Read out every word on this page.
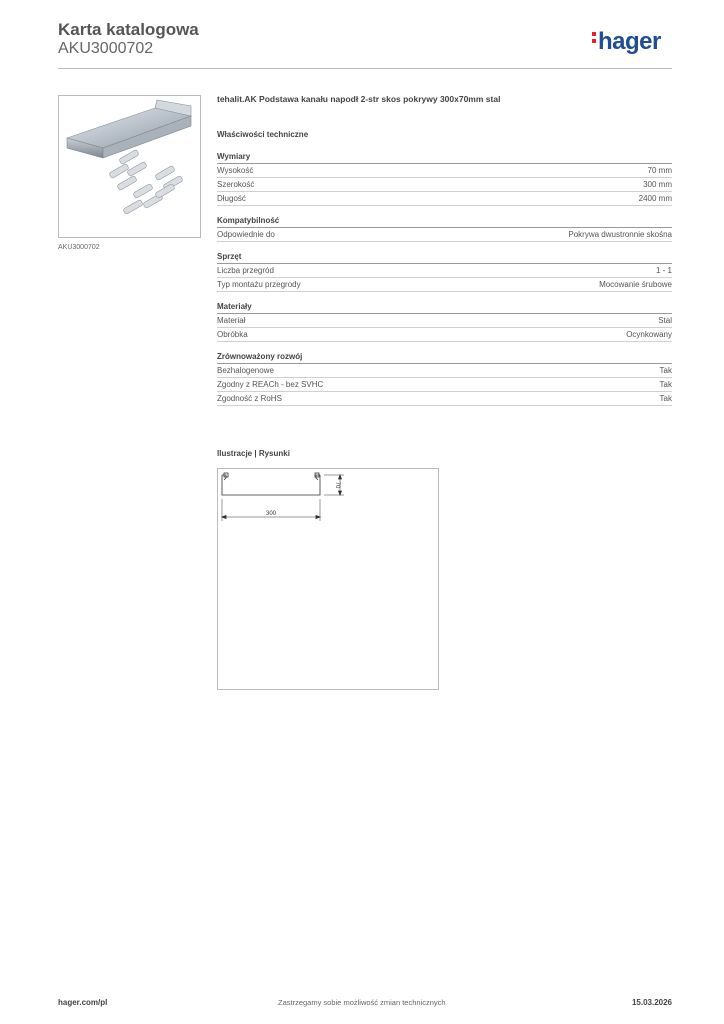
Karta katalogowa
AKU3000702	hager
AKU3000702
tehalit.AK Podstawa kanału napodł 2-str skos pokrywy 300x70mm stal
Właściwości techniczne
Wymiary
Wysokość	70 mm
Szerokość	300 mm
Długość	2400 mm
Kompatybilność
Odpowiednie do	Pokrywa dwustronnie skośna
Sprzęt
Liczba przegród	1 - 1
Typ montażu przegrody	Mocowanie śrubowe
Materiały
Materiał	Stal
Obróbka	Ocynkowany
Zrównoważony rozwój
Bezhalogenowe	Tak
Zgodny z REACh - bez SVHC	Tak
Zgodność z RoHS	Tak
Ilustracje | Rysunki
300
70
hager.com/pl	Zastrzegamy sobie możliwość zmian technicznych	15.03.2026
